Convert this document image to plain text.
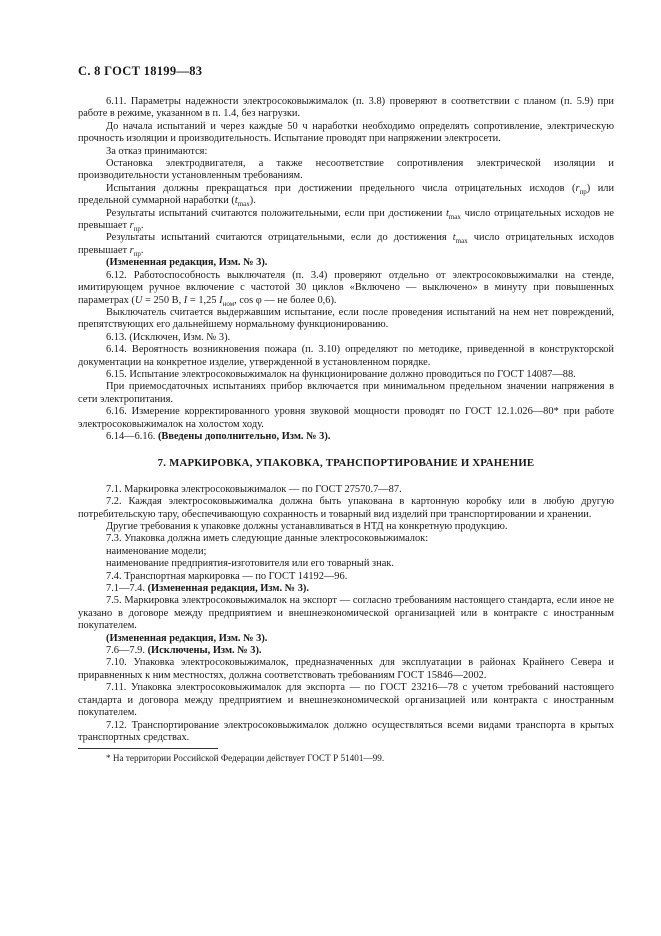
С. 8 ГОСТ 18199—83

6.11. Параметры надежности электросоковыжималок (п. 3.8) проверяют в соответствии с планом (п. 5.9) при работе в режиме, указанном в п. 1.4, без нагрузки.

До начала испытаний и через каждые 50 ч наработки необходимо определять сопротивление, электрическую прочность изоляции и производительность. Испытание проводят при напряжении электросети.

За отказ принимаются:

Остановка электродвигателя, а также несоответствие сопротивления электрической изоляции и производительности установленным требованиям.

Испытания должны прекращаться при достижении предельного числа отрицательных исходов $(r_{пр})$ или предельной суммарной наработки $(t_{max})$.

Результаты испытаний считаются положительными, если при достижении $t_{max}$ число отрицательных исходов не превышает $r_{пр}$.

Результаты испытаний считаются отрицательными, если до достижения $t_{max}$ число отрицательных исходов превышает $r_{пр}$.

(Измененная редакция, Изм. № 3).

6.12. Работоспособность выключателя (п. 3.4) проверяют отдельно от электросоковыжималки на стенде, имитирующем ручное включение с частотой 30 циклов «Включено — выключено» в минуту при повышенных параметрах (U = 250 В, I = 1,25 $I_{ном}$, cos φ — не более 0,6).

Выключатель считается выдержавшим испытание, если после проведения испытаний на нем нет повреждений, препятствующих его дальнейшему нормальному функционированию.

6.13. (Исключен, Изм. № 3).

6.14. Вероятность возникновения пожара (п. 3.10) определяют по методике, приведенной в конструкторской документации на конкретное изделие, утвержденной в установленном порядке.

6.15. Испытание электросоковыжималок на функционирование должно проводиться по ГОСТ 14087—88.

При приемосдаточных испытаниях прибор включается при минимальном предельном значении напряжения в сети электропитания.

6.16. Измерение корректированного уровня звуковой мощности проводят по ГОСТ 12.1.026—80* при работе электросоковыжималок на холостом ходу.

6.14—6.16. (Введены дополнительно, Изм. № 3).

7. МАРКИРОВКА, УПАКОВКА, ТРАНСПОРТИРОВАНИЕ И ХРАНЕНИЕ

7.1. Маркировка электросоковыжималок — по ГОСТ 27570.7—87.

7.2. Каждая электросоковыжималка должна быть упакована в картонную коробку или в любую другую потребительскую тару, обеспечивающую сохранность и товарный вид изделий при транспортировании и хранении.

Другие требования к упаковке должны устанавливаться в НТД на конкретную продукцию.

7.3. Упаковка должна иметь следующие данные электросоковыжималок:

наименование модели;

наименование предприятия-изготовителя или его товарный знак.

7.4. Транспортная маркировка — по ГОСТ 14192—96.

7.1—7.4. (Измененная редакция, Изм. № 3).

7.5. Маркировка электросоковыжималок на экспорт — согласно требованиям настоящего стандарта, если иное не указано в договоре между предприятием и внешнеэкономической организацией или в контракте с иностранным покупателем.

(Измененная редакция, Изм. № 3).

7.6—7.9. (Исключены, Изм. № 3).

7.10. Упаковка электросоковыжималок, предназначенных для эксплуатации в районах Крайнего Севера и приравненных к ним местностях, должна соответствовать требованиям ГОСТ 15846—2002.

7.11. Упаковка электросоковыжималок для экспорта — по ГОСТ 23216—78 с учетом требований настоящего стандарта и договора между предприятием и внешнеэкономической организацией или контракта с иностранным покупателем.

7.12. Транспортирование электросоковыжималок должно осуществляться всеми видами транспорта в крытых транспортных средствах.

* На территории Российской Федерации действует ГОСТ Р 51401—99.
